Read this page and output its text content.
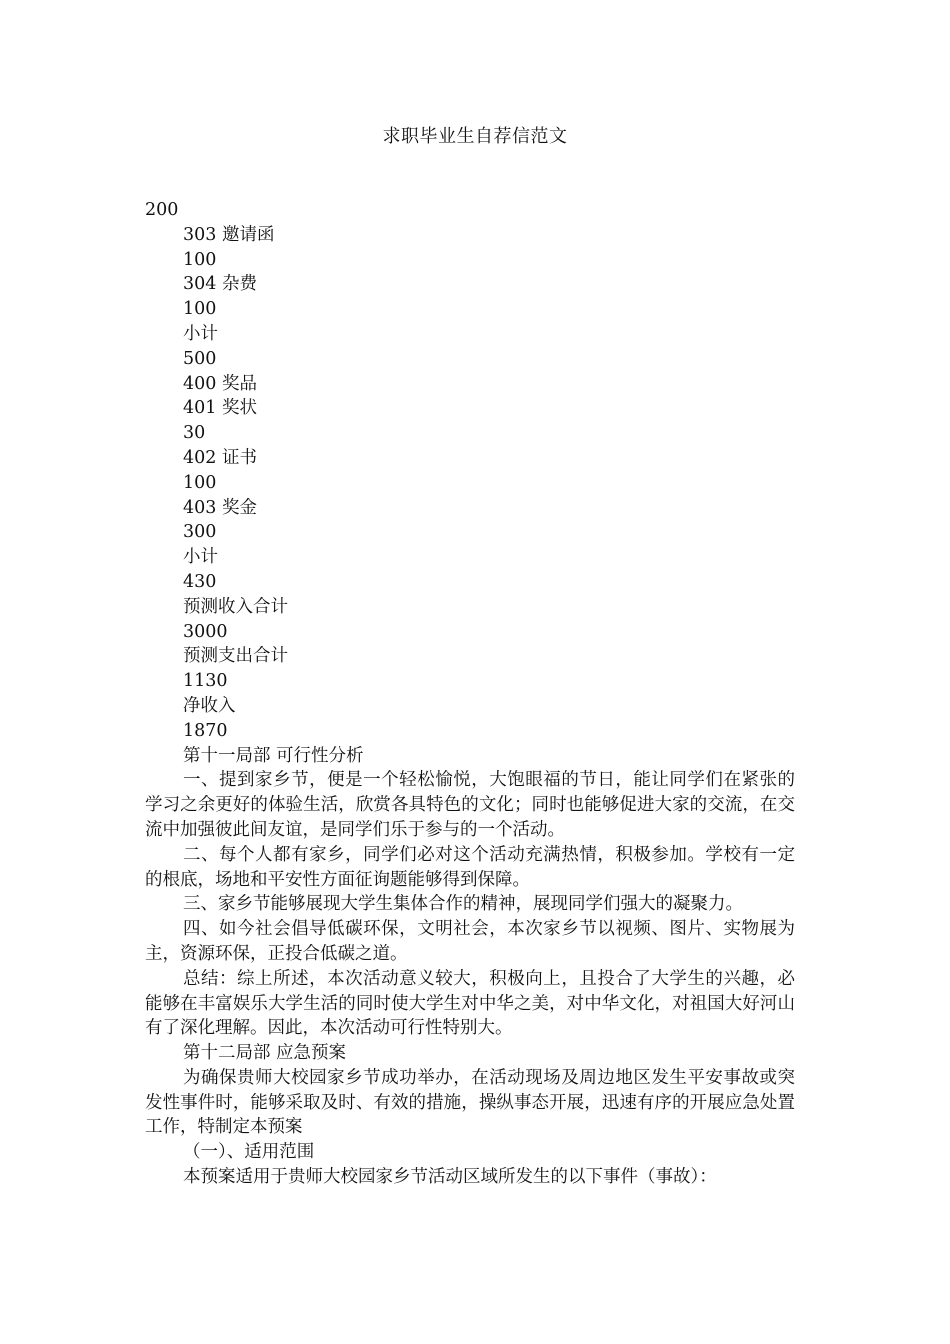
求职毕业生自荐信范文

200

303 邀请函

100

304 杂费

100

小计

500

400 奖品

401 奖状

30

402 证书

100

403 奖金

300

小计

430

预测收入合计

3000

预测支出合计

1130

净收入

1870

第十一局部 可行性分析

一、提到家乡节，便是一个轻松愉悦，大饱眼福的节日，能让同学们在紧张的学习之余更好的体验生活，欣赏各具特色的文化；同时也能够促进大家的交流，在交流中加强彼此间友谊，是同学们乐于参与的一个活动。

二、每个人都有家乡，同学们必对这个活动充满热情，积极参加。学校有一定的根底，场地和平安性方面征询题能够得到保障。

三、家乡节能够展现大学生集体合作的精神，展现同学们强大的凝聚力。

四、如今社会倡导低碳环保，文明社会，本次家乡节以视频、图片、实物展为主，资源环保，正投合低碳之道。

总结：综上所述，本次活动意义较大，积极向上，且投合了大学生的兴趣，必能够在丰富娱乐大学生活的同时使大学生对中华之美，对中华文化，对祖国大好河山有了深化理解。因此，本次活动可行性特别大。

第十二局部 应急预案

为确保贵师大校园家乡节成功举办，在活动现场及周边地区发生平安事故或突发性事件时，能够采取及时、有效的措施，操纵事态开展，迅速有序的开展应急处置工作，特制定本预案

（一）、适用范围

本预案适用于贵师大校园家乡节活动区域所发生的以下事件（事故）：
